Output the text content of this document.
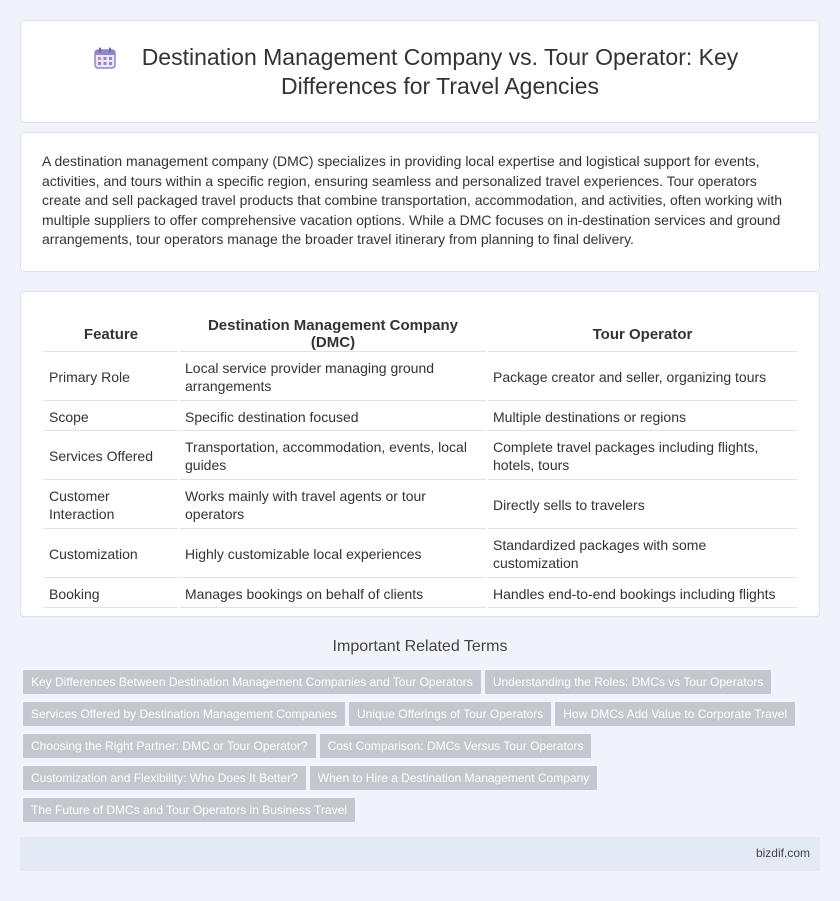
Destination Management Company vs. Tour Operator: Key Differences for Travel Agencies

A destination management company (DMC) specializes in providing local expertise and logistical support for events, activities, and tours within a specific region, ensuring seamless and personalized travel experiences. Tour operators create and sell packaged travel products that combine transportation, accommodation, and activities, often working with multiple suppliers to offer comprehensive vacation options. While a DMC focuses on in-destination services and ground arrangements, tour operators manage the broader travel itinerary from planning to final delivery.

Feature	Destination Management Company (DMC)	Tour Operator
Primary Role	Local service provider managing ground arrangements	Package creator and seller, organizing tours
Scope	Specific destination focused	Multiple destinations or regions
Services Offered	Transportation, accommodation, events, local guides	Complete travel packages including flights, hotels, tours
Customer Interaction	Works mainly with travel agents or tour operators	Directly sells to travelers
Customization	Highly customizable local experiences	Standardized packages with some customization
Booking	Manages bookings on behalf of clients	Handles end-to-end bookings including flights
Important Related Terms
Key Differences Between Destination Management Companies and Tour Operators Understanding the Roles: DMCs vs Tour Operators Services Offered by Destination Management Companies Unique Offerings of Tour Operators How DMCs Add Value to Corporate Travel Choosing the Right Partner: DMC or Tour Operator? Cost Comparison: DMCs Versus Tour Operators Customization and Flexibility: Who Does It Better? When to Hire a Destination Management Company The Future of DMCs and Tour Operators in Business Travel
bizdif.com
